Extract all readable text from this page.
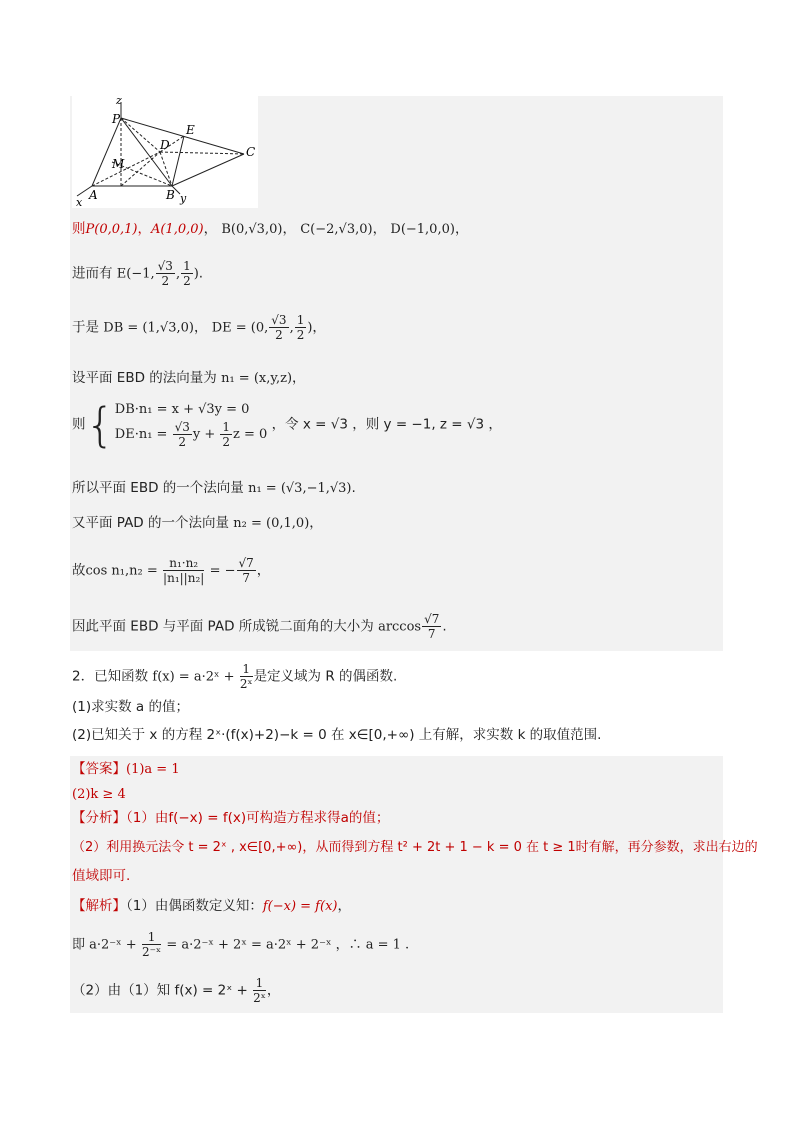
z
P
E
D	C
M
A	B
x	y
则P(0,0,1)，A(1,0,0)， B(0,√3,0)， C(−2,√3,0)， D(−1,0,0)，
进而有 E(−1, $\frac{√3}{2}$ , $\frac{1}{2}$ ).
于是 DB = (1,√3,0)， DE = (0, $\frac{√3}{2}$ , $\frac{1}{2}$ )，
设平面 EBD 的法向量为 n₁ = (x,y,z)，
则{ DB·n₁ = x + √3y = 0
$DE\cdot n_1 = \frac{√3}{2}$ $y + \frac{1}{2}$ z = 0
，令 x = √3 ，则 y = −1, z = √3 ，
所以平面 EBD 的一个法向量 n₁ = (√3,−1,√3).
又平面 PAD 的一个法向量 n₂ = (0,1,0)，
故$\cos n_1,n_2 = \frac{\text{n₁·n₂}}{\text{|n₁||n₂|}}$ = − $\frac{√7}{7}$ ，
因此平面 EBD 与平面 PAD 所成锐二面角的大小为 $\arccos \frac{√7}{7}$ .
2．已知函数 f(x) = a·2ˣ + $\frac{1}{\text{2ˣ}}$ 是定义域为 R 的偶函数.
(1)求实数 a 的值；
(2)已知关于 x 的方程 2ˣ·(f(x)+2)−k = 0 在 x∈[0,+∞) 上有解，求实数 k 的取值范围.
【答案】(1)a = 1
(2)k ≥ 4
【分析】（1）由f(−x) = f(x)可构造方程求得a的值；
（2）利用换元法令 t = 2ˣ , x∈[0,+∞)，从而得到方程 t² + 2t + 1 − k = 0 在 t ≥ 1时有解，再分参数，求出右边的
值域即可.
【解析】（1）由偶函数定义知：f(−x) = f(x)，
即 a·2⁻ˣ + $\frac{1}{\text{2⁻ˣ}}$ = a·2⁻ˣ + 2ˣ = a·2ˣ + 2⁻ˣ ，∴ a = 1 .
（2）由（1）知 f(x) = 2ˣ + $\frac{1}{\text{2ˣ}}$ ，
